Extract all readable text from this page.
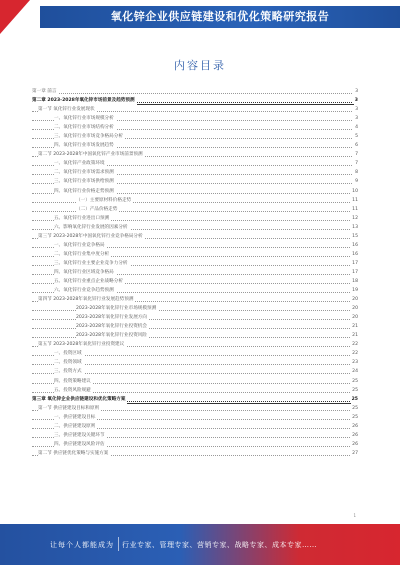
氧化锌企业供应链建设和优化策略研究报告
内容目录
第一章 前言	3
第二章 2023-2028年氧化锌市场前景及趋势预测	3
第一节 氧化锌行业发展现状	3
一、氧化锌行业市场规模分析	3
二、氧化锌行业市场结构分析	4
三、氧化锌行业市场竞争格局分析	5
四、氧化锌行业市场发展趋势	6
第二节 2023-2028年中国氧化锌产业市场前景预测	7
一、氧化锌产业政策环境	7
二、氧化锌行业市场需求预测	8
三、氧化锌行业市场供给预测	9
四、氧化锌行业价格走势预测	10
（一）主要原材料价格走势	11
（二）产品价格走势	11
五、氧化锌行业进出口预测	12
六、影响氧化锌行业发展的因素分析	13
第三节 2023-2028年中国氧化锌行业竞争格局分析	15
一、氧化锌行业竞争格局	16
二、氧化锌行业集中度分析	16
三、氧化锌行业主要企业竞争力分析	17
四、氧化锌行业区域竞争格局	17
五、氧化锌行业重点企业战略分析	18
六、氧化锌行业竞争趋势预测	19
第四节 2023-2028年氧化锌行业发展趋势预测	20
2023-2028年氧化锌行业市场规模预测	20
2023-2028年氧化锌行业发展方向	20
2023-2028年氧化锌行业投资机会	21
2023-2028年氧化锌行业投资风险	21
第五节 2023-2028年氧化锌行业投资建议	22
一、投资区域	22
二、投资领域	23
三、投资方式	24
四、投资策略建议	25
五、投资风险规避	25
第三章 氧化锌企业供应链建设和优化策略方案	25
第一节 供应链建设目标和原则	25
一、供应链建设目标	25
二、供应链建设原则	26
三、供应链建设关键环节	26
四、供应链建设风险评估	26
第二节 供应链优化策略与实施方案	27
1
让每个人都能成为 行业专家、管理专家、营销专家、战略专家、成本专家……
